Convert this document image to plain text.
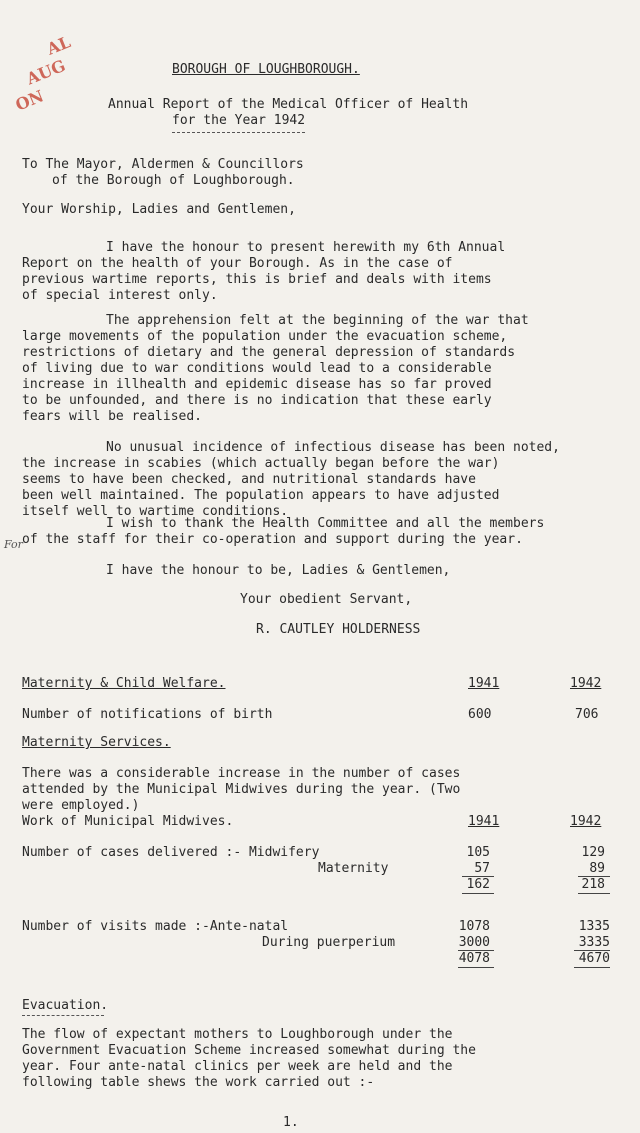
AL
AUG
ON
For
BOROUGH OF LOUGHBOROUGH.
Annual Report of the Medical Officer of Health
for the Year 1942
To The Mayor, Aldermen & Councillors
of the Borough of Loughborough.
Your Worship, Ladies and Gentlemen,
I have the honour to present herewith my 6th Annual
Report on the health of your Borough. As in the case of
previous wartime reports, this is brief and deals with items
of special interest only.
The apprehension felt at the beginning of the war that
large movements of the population under the evacuation scheme,
restrictions of dietary and the general depression of standards
of living due to war conditions would lead to a considerable
increase in illhealth and epidemic disease has so far proved
to be unfounded, and there is no indication that these early
fears will be realised.
No unusual incidence of infectious disease has been noted,
the increase in scabies (which actually began before the war)
seems to have been checked, and nutritional standards have
been well maintained. The population appears to have adjusted
itself well to wartime conditions.
I wish to thank the Health Committee and all the members
of the staff for their co-operation and support during the year.
I have the honour to be, Ladies & Gentlemen,
Your obedient Servant,
R. CAUTLEY HOLDERNESS
Maternity & Child Welfare.	1941	1942
Number of notifications of birth	600	706
Maternity Services.
There was a considerable increase in the number of cases
attended by the Municipal Midwives during the year. (Two
were employed.)
Work of Municipal Midwives.	1941	1942
Number of cases delivered :- Midwifery	105	129
Maternity	57	89
162	218
Number of visits made :-Ante-natal	1078	1335
During puerperium	3000	3335
4078	4670
Evacuation.
The flow of expectant mothers to Loughborough under the
Government Evacuation Scheme increased somewhat during the
year. Four ante-natal clinics per week are held and the
following table shews the work carried out :-
1.
